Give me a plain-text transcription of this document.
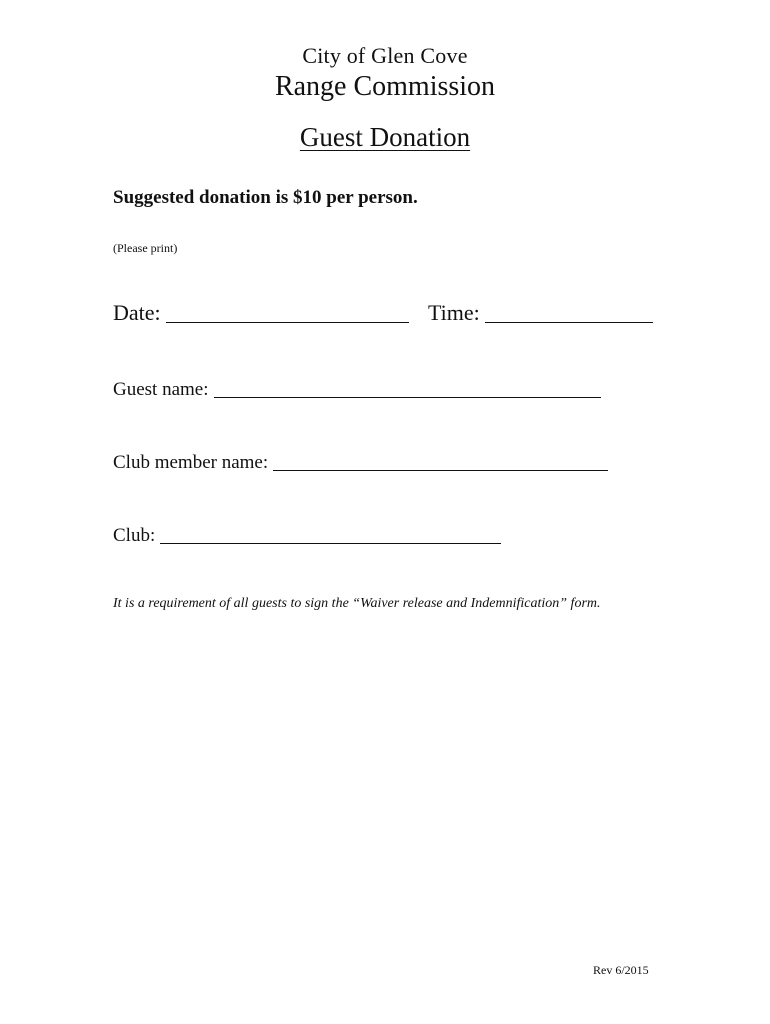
City of Glen Cove
Range Commission
Guest Donation
Suggested donation is $10 per person.
(Please print)
Date:	Time:
Guest name:
Club member name:
Club:
It is a requirement of all guests to sign the “Waiver release and Indemnification” form.
Rev 6/2015
